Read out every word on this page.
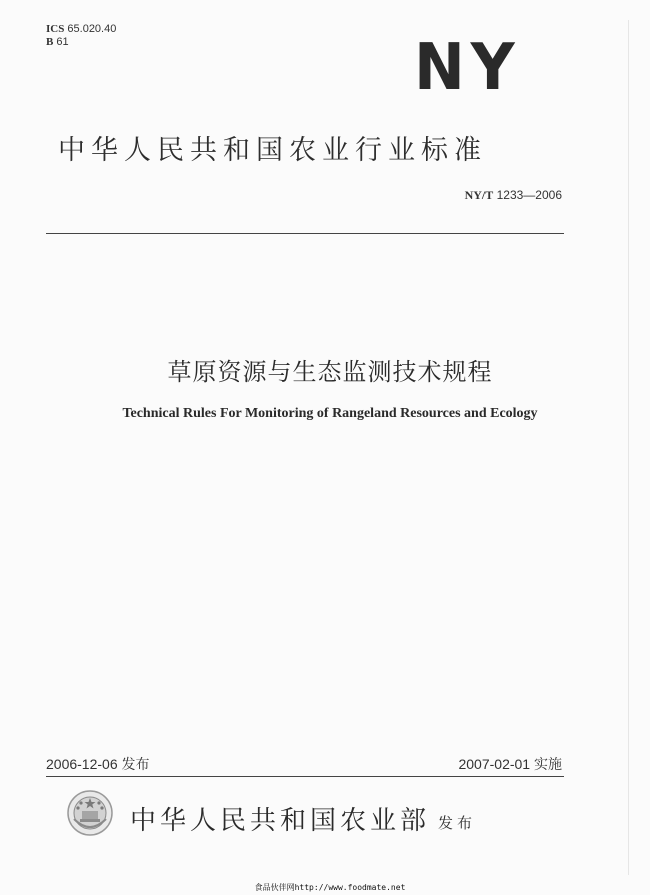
ICS 65.020.40
B 61	NY
中华人民共和国农业行业标准
NY/T 1233—2006
草原资源与生态监测技术规程
Technical Rules For Monitoring of Rangeland Resources and Ecology
2006-12-06 发布	2007-02-01 实施
中华人民共和国农业部 发布
食品伙伴网http://www.foodmate.net
